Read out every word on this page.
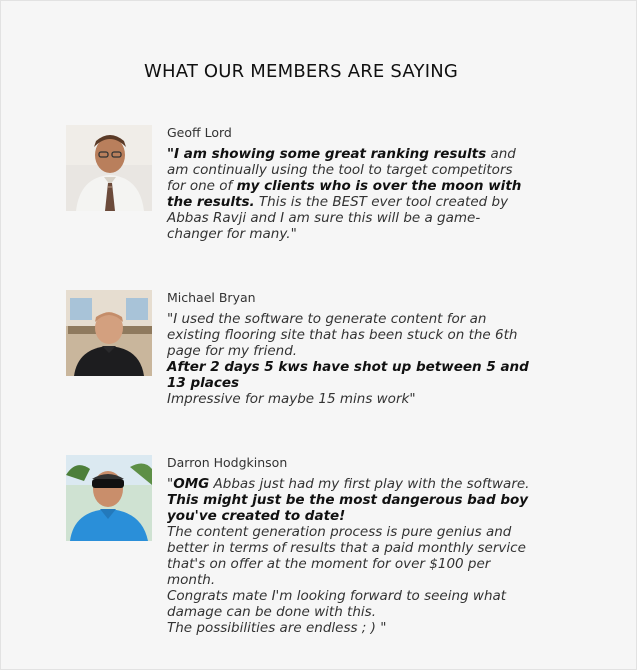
WHAT OUR MEMBERS ARE SAYING
Geoff Lord
"I am showing some great ranking results and
am continually using the tool to target competitors
for one of my clients who is over the moon with
the results. This is the BEST ever tool created by
Abbas Ravji and I am sure this will be a game-
changer for many."
Michael Bryan
"I used the software to generate content for an
existing flooring site that has been stuck on the 6th
page for my friend.
After 2 days 5 kws have shot up between 5 and
13 places
Impressive for maybe 15 mins work"
Darron Hodgkinson
"OMG Abbas just had my first play with the software.
This might just be the most dangerous bad boy
you've created to date!
The content generation process is pure genius and
better in terms of results that a paid monthly service
that's on offer at the moment for over $100 per
month.
Congrats mate I'm looking forward to seeing what
damage can be done with this.
The possibilities are endless ; ) "
